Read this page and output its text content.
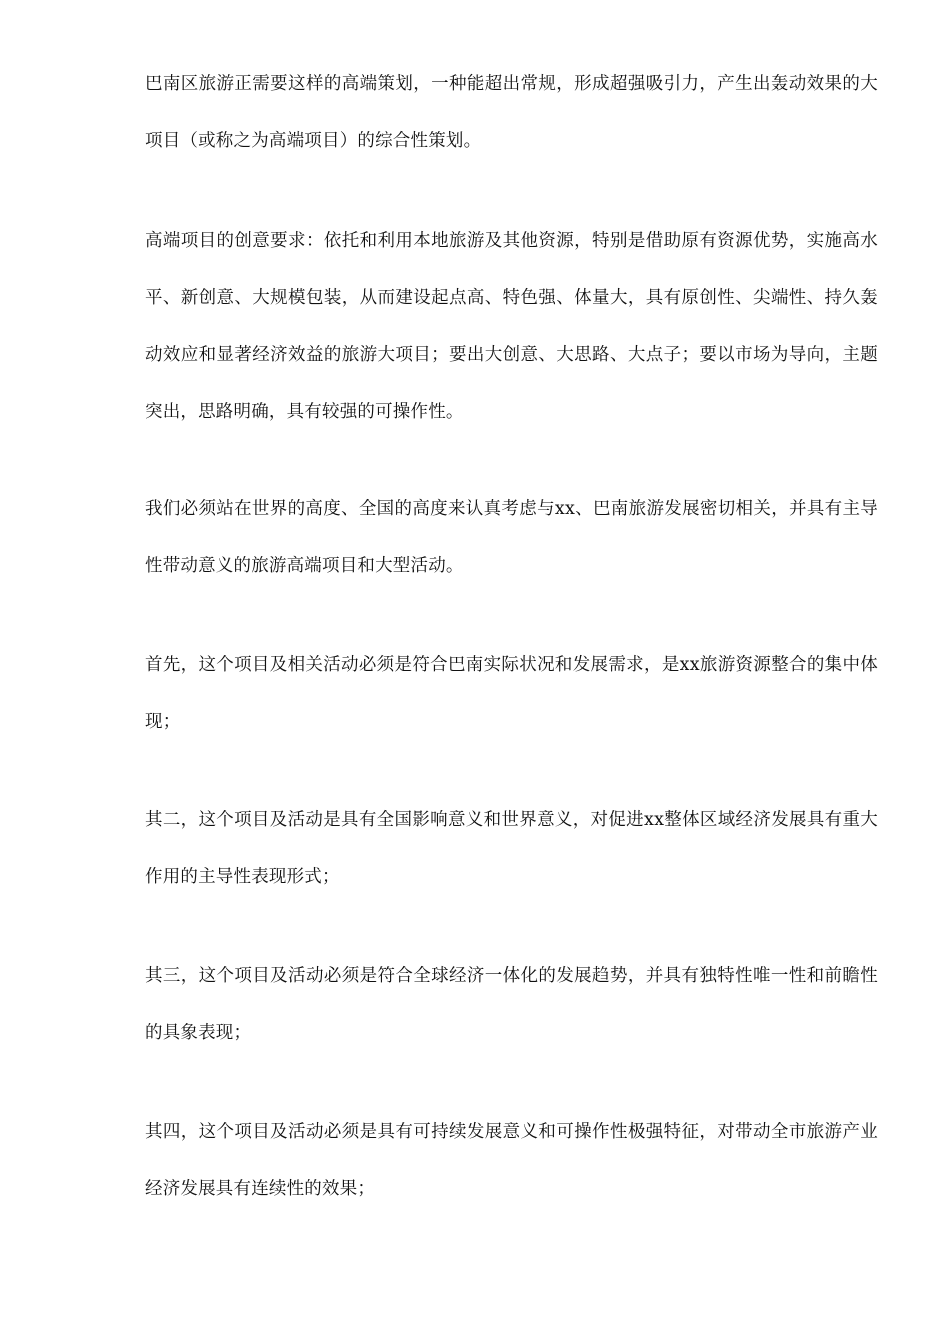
巴南区旅游正需要这样的高端策划，一种能超出常规，形成超强吸引力，产生出轰动效果的大项目（或称之为高端项目）的综合性策划。

高端项目的创意要求：依托和利用本地旅游及其他资源，特别是借助原有资源优势，实施高水平、新创意、大规模包装，从而建设起点高、特色强、体量大，具有原创性、尖端性、持久轰动效应和显著经济效益的旅游大项目；要出大创意、大思路、大点子；要以市场为导向，主题突出，思路明确，具有较强的可操作性。

我们必须站在世界的高度、全国的高度来认真考虑与xx、巴南旅游发展密切相关，并具有主导性带动意义的旅游高端项目和大型活动。

首先，这个项目及相关活动必须是符合巴南实际状况和发展需求，是xx旅游资源整合的集中体现；

其二，这个项目及活动是具有全国影响意义和世界意义，对促进xx整体区域经济发展具有重大作用的主导性表现形式；

其三，这个项目及活动必须是符合全球经济一体化的发展趋势，并具有独特性唯一性和前瞻性的具象表现；

其四，这个项目及活动必须是具有可持续发展意义和可操作性极强特征，对带动全市旅游产业经济发展具有连续性的效果；
